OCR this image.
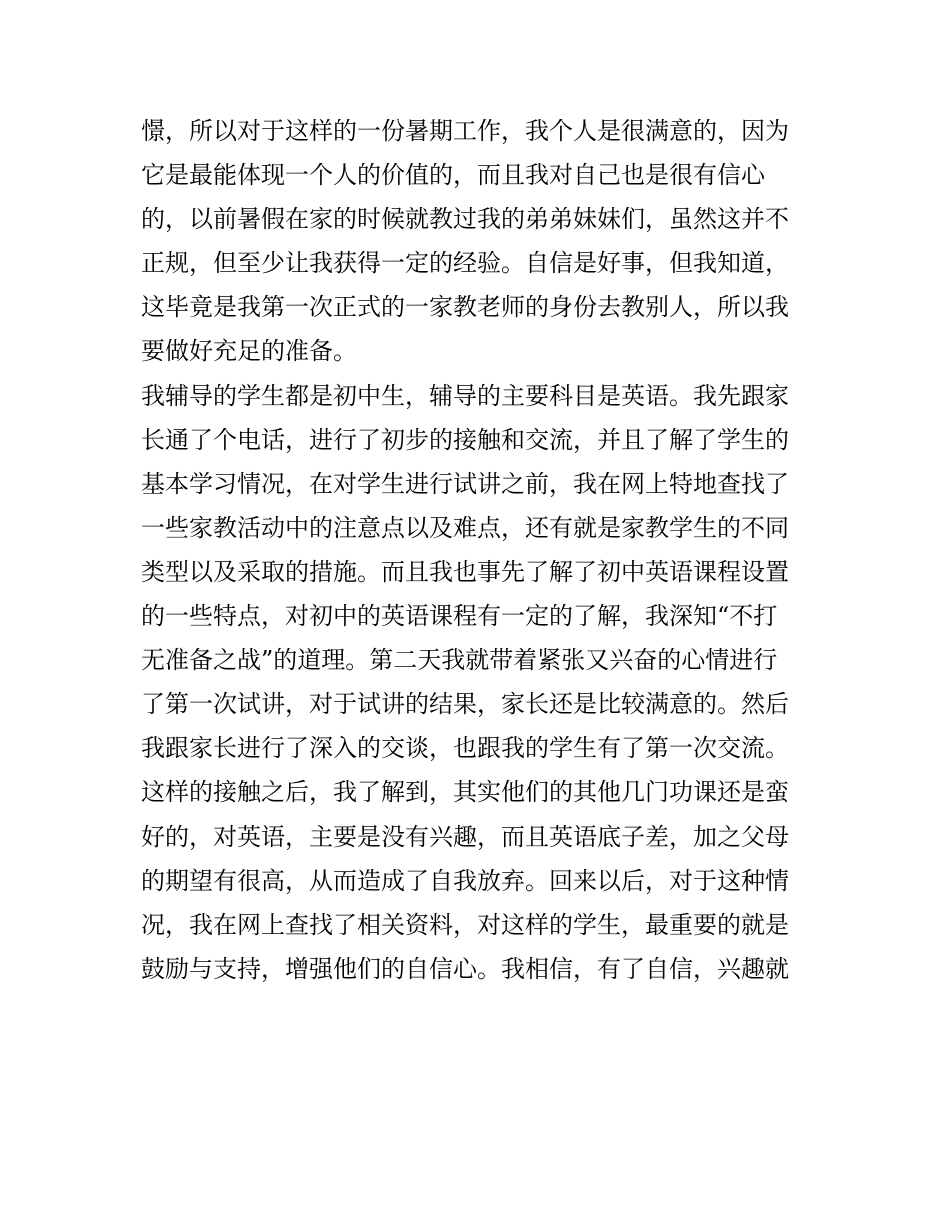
憬，所以对于这样的一份暑期工作，我个人是很满意的，因为
它是最能体现一个人的价值的，而且我对自己也是很有信心
的，以前暑假在家的时候就教过我的弟弟妹妹们，虽然这并不
正规，但至少让我获得一定的经验。自信是好事，但我知道，
这毕竟是我第一次正式的一家教老师的身份去教别人，所以我
要做好充足的准备。
我辅导的学生都是初中生，辅导的主要科目是英语。我先跟家
长通了个电话，进行了初步的接触和交流，并且了解了学生的
基本学习情况，在对学生进行试讲之前，我在网上特地查找了
一些家教活动中的注意点以及难点，还有就是家教学生的不同
类型以及采取的措施。而且我也事先了解了初中英语课程设置
的一些特点，对初中的英语课程有一定的了解，我深知“不打
无准备之战”的道理。第二天我就带着紧张又兴奋的心情进行
了第一次试讲，对于试讲的结果，家长还是比较满意的。然后
我跟家长进行了深入的交谈，也跟我的学生有了第一次交流。
这样的接触之后，我了解到，其实他们的其他几门功课还是蛮
好的，对英语，主要是没有兴趣，而且英语底子差，加之父母
的期望有很高，从而造成了自我放弃。回来以后，对于这种情
况，我在网上查找了相关资料，对这样的学生，最重要的就是
鼓励与支持，增强他们的自信心。我相信，有了自信，兴趣就
